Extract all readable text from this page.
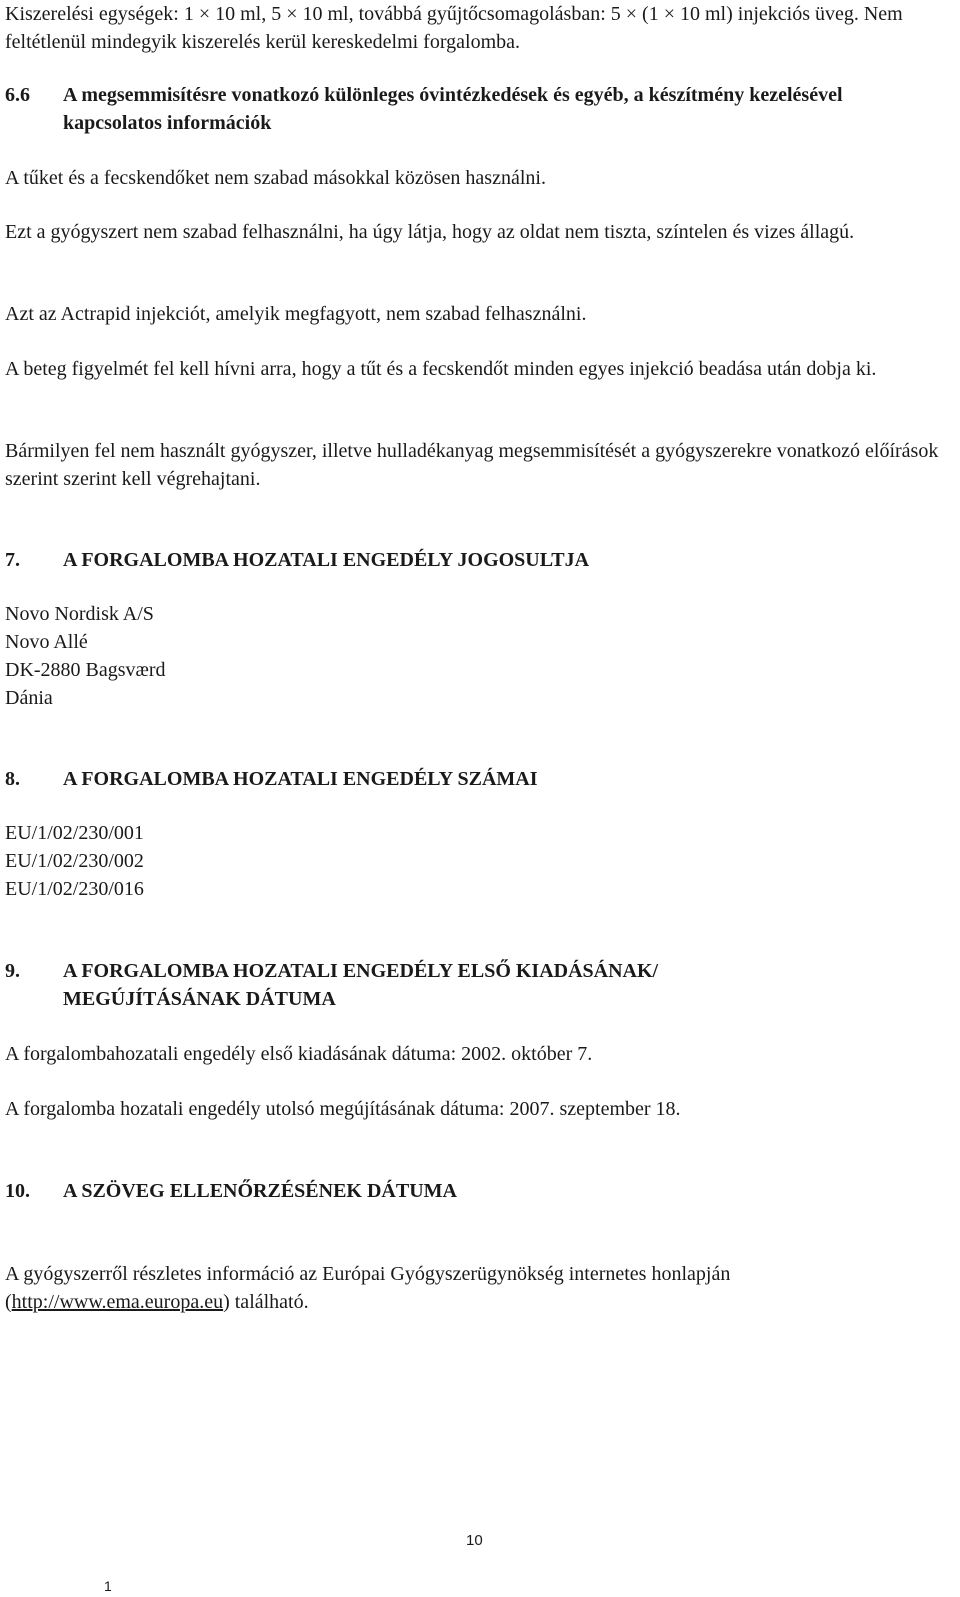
Kiszerelési egységek: 1 × 10 ml, 5 × 10 ml, továbbá gyűjtőcsomagolásban: 5 × (1 × 10 ml) injekciós üveg. Nem feltétlenül mindegyik kiszerelés kerül kereskedelmi forgalomba.

6.6 A megsemmisítésre vonatkozó különleges óvintézkedések és egyéb, a készítmény kezelésével kapcsolatos információk

A tűket és a fecskendőket nem szabad másokkal közösen használni.

Ezt a gyógyszert nem szabad felhasználni, ha úgy látja, hogy az oldat nem tiszta, színtelen és vizes állagú.

Azt az Actrapid injekciót, amelyik megfagyott, nem szabad felhasználni.

A beteg figyelmét fel kell hívni arra, hogy a tűt és a fecskendőt minden egyes injekció beadása után dobja ki.

Bármilyen fel nem használt gyógyszer, illetve hulladékanyag megsemmisítését a gyógyszerekre vonatkozó előírások szerint szerint kell végrehajtani.

7. A FORGALOMBA HOZATALI ENGEDÉLY JOGOSULTJA
Novo Nordisk A/S
Novo Allé
DK-2880 Bagsværd
Dánia
8. A FORGALOMBA HOZATALI ENGEDÉLY SZÁMAI
EU/1/02/230/001
EU/1/02/230/002
EU/1/02/230/016
9. A FORGALOMBA HOZATALI ENGEDÉLY ELSŐ KIADÁSÁNAK/ MEGÚJÍTÁSÁNAK DÁTUMA

A forgalombahozatali engedély első kiadásának dátuma: 2002. október 7.

A forgalomba hozatali engedély utolsó megújításának dátuma: 2007. szeptember 18.

10. A SZÖVEG ELLENŐRZÉSÉNEK DÁTUMA

A gyógyszerről részletes információ az Európai Gyógyszerügynökség internetes honlapján (http://www.ema.europa.eu) található.

10
1
